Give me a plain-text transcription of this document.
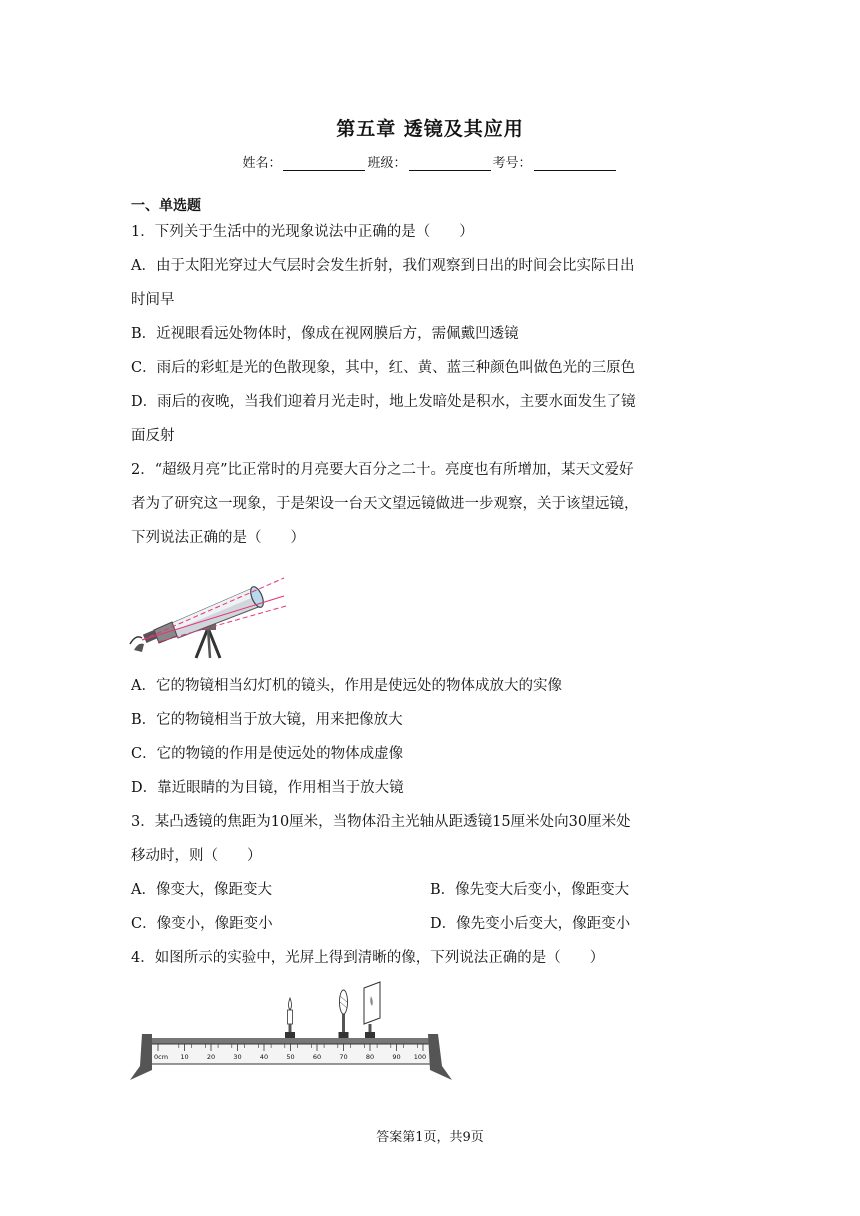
第五章 透镜及其应用
姓名：	班级：	考号：
一、单选题
1．下列关于生活中的光现象说法中正确的是（　　）
A．由于太阳光穿过大气层时会发生折射，我们观察到日出的时间会比实际日出
时间早
B．近视眼看远处物体时，像成在视网膜后方，需佩戴凹透镜
C．雨后的彩虹是光的色散现象，其中，红、黄、蓝三种颜色叫做色光的三原色
D．雨后的夜晚，当我们迎着月光走时，地上发暗处是积水，主要水面发生了镜
面反射
2．“超级月亮”比正常时的月亮要大百分之二十。亮度也有所增加，某天文爱好
者为了研究这一现象，于是架设一台天文望远镜做进一步观察，关于该望远镜，
下列说法正确的是（　　）
A．它的物镜相当幻灯机的镜头，作用是使远处的物体成放大的实像
B．它的物镜相当于放大镜，用来把像放大
C．它的物镜的作用是使远处的物体成虚像
D．靠近眼睛的为目镜，作用相当于放大镜
3．某凸透镜的焦距为10厘米，当物体沿主光轴从距透镜15厘米处向30厘米处
移动时，则（　　）
A．像变大，像距变大	B．像先变大后变小，像距变大
C．像变小，像距变小	D．像先变小后变大，像距变小
4．如图所示的实验中，光屏上得到清晰的像，下列说法正确的是（　　）
0cm 10	20	30	40	50	60	70	80	90 100
答案第1页，共9页
